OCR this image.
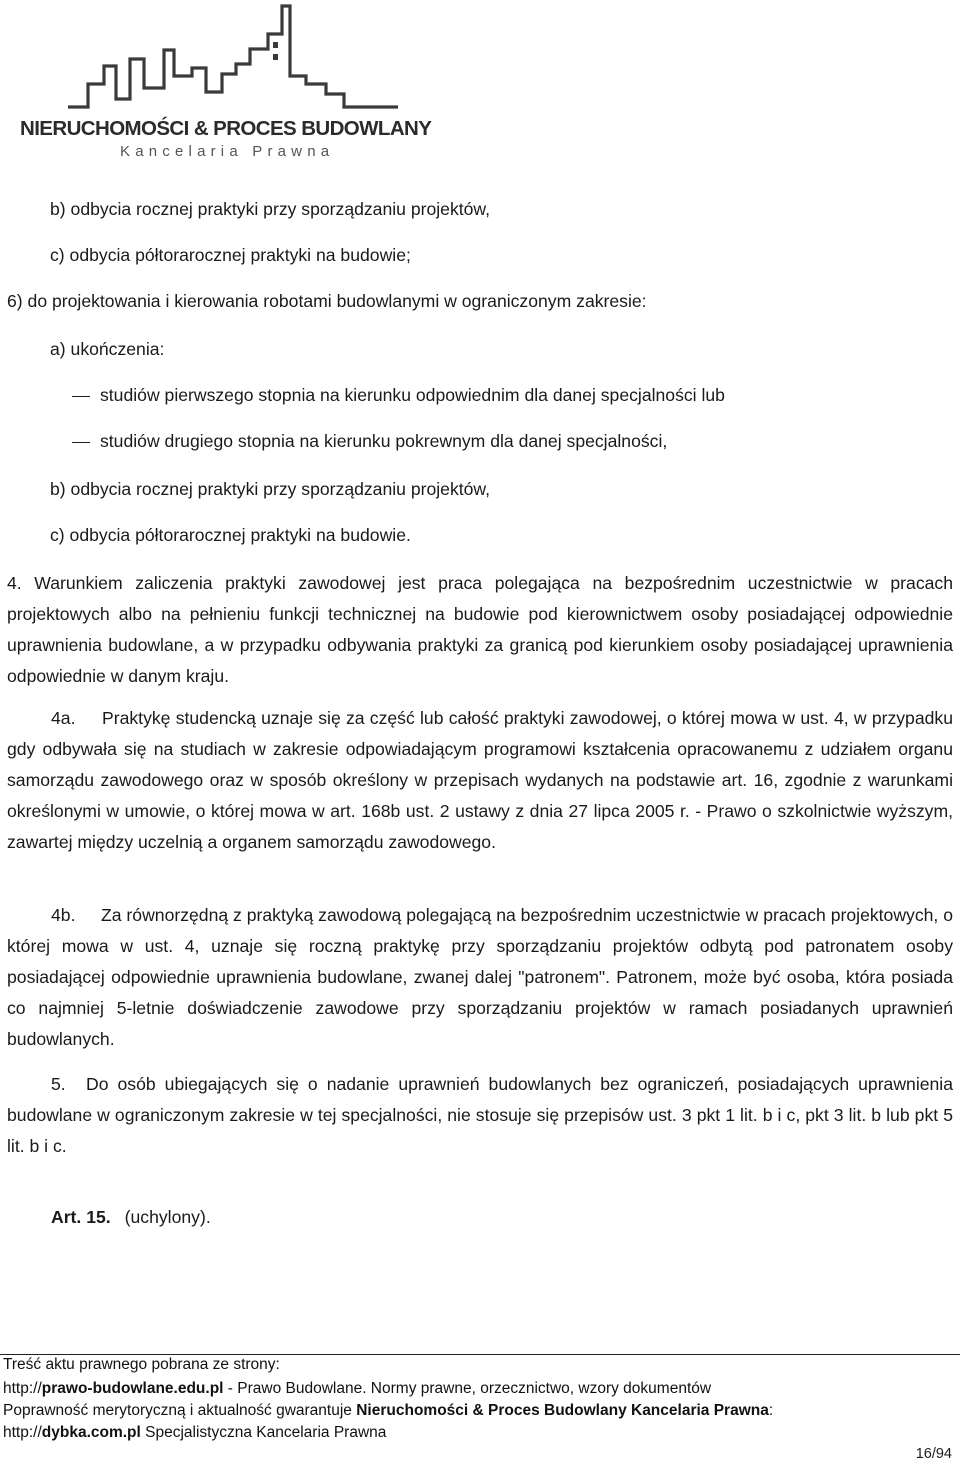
NIERUCHOMOŚCI & PROCES BUDOWLANY
Kancelaria Prawna
b) odbycia rocznej praktyki przy sporządzaniu projektów,
c) odbycia półtorarocznej praktyki na budowie;
6) do projektowania i kierowania robotami budowlanymi w ograniczonym zakresie:
a) ukończenia:
studiów pierwszego stopnia na kierunku odpowiednim dla danej specjalności lub
studiów drugiego stopnia na kierunku pokrewnym dla danej specjalności,
b) odbycia rocznej praktyki przy sporządzaniu projektów,
c) odbycia półtorarocznej praktyki na budowie.
4. Warunkiem zaliczenia praktyki zawodowej jest praca polegająca na bezpośrednim uczestnictwie w pracach projektowych albo na pełnieniu funkcji technicznej na budowie pod kierownictwem osoby posiadającej odpowiednie uprawnienia budowlane, a w przypadku odbywania praktyki za granicą pod kierunkiem osoby posiadającej uprawnienia odpowiednie w danym kraju.
4a. Praktykę studencką uznaje się za część lub całość praktyki zawodowej, o której mowa w ust. 4, w przypadku gdy odbywała się na studiach w zakresie odpowiadającym programowi kształcenia opracowanemu z udziałem organu samorządu zawodowego oraz w sposób określony w przepisach wydanych na podstawie art. 16, zgodnie z warunkami określonymi w umowie, o której mowa w art. 168b ust. 2 ustawy z dnia 27 lipca 2005 r. - Prawo o szkolnictwie wyższym, zawartej między uczelnią a organem samorządu zawodowego.
4b. Za równorzędną z praktyką zawodową polegającą na bezpośrednim uczestnictwie w pracach projektowych, o której mowa w ust. 4, uznaje się roczną praktykę przy sporządzaniu projektów odbytą pod patronatem osoby posiadającej odpowiednie uprawnienia budowlane, zwanej dalej "patronem". Patronem, może być osoba, która posiada co najmniej 5-letnie doświadczenie zawodowe przy sporządzaniu projektów w ramach posiadanych uprawnień budowlanych.
5. Do osób ubiegających się o nadanie uprawnień budowlanych bez ograniczeń, posiadających uprawnienia budowlane w ograniczonym zakresie w tej specjalności, nie stosuje się przepisów ust. 3 pkt 1 lit. b i c, pkt 3 lit. b lub pkt 5 lit. b i c.
Art. 15. (uchylony).
Treść aktu prawnego pobrana ze strony:
http://prawo-budowlane.edu.pl - Prawo Budowlane. Normy prawne, orzecznictwo, wzory dokumentów
Poprawność merytoryczną i aktualność gwarantuje Nieruchomości & Proces Budowlany Kancelaria Prawna:
http://dybka.com.pl Specjalistyczna Kancelaria Prawna
16/94
